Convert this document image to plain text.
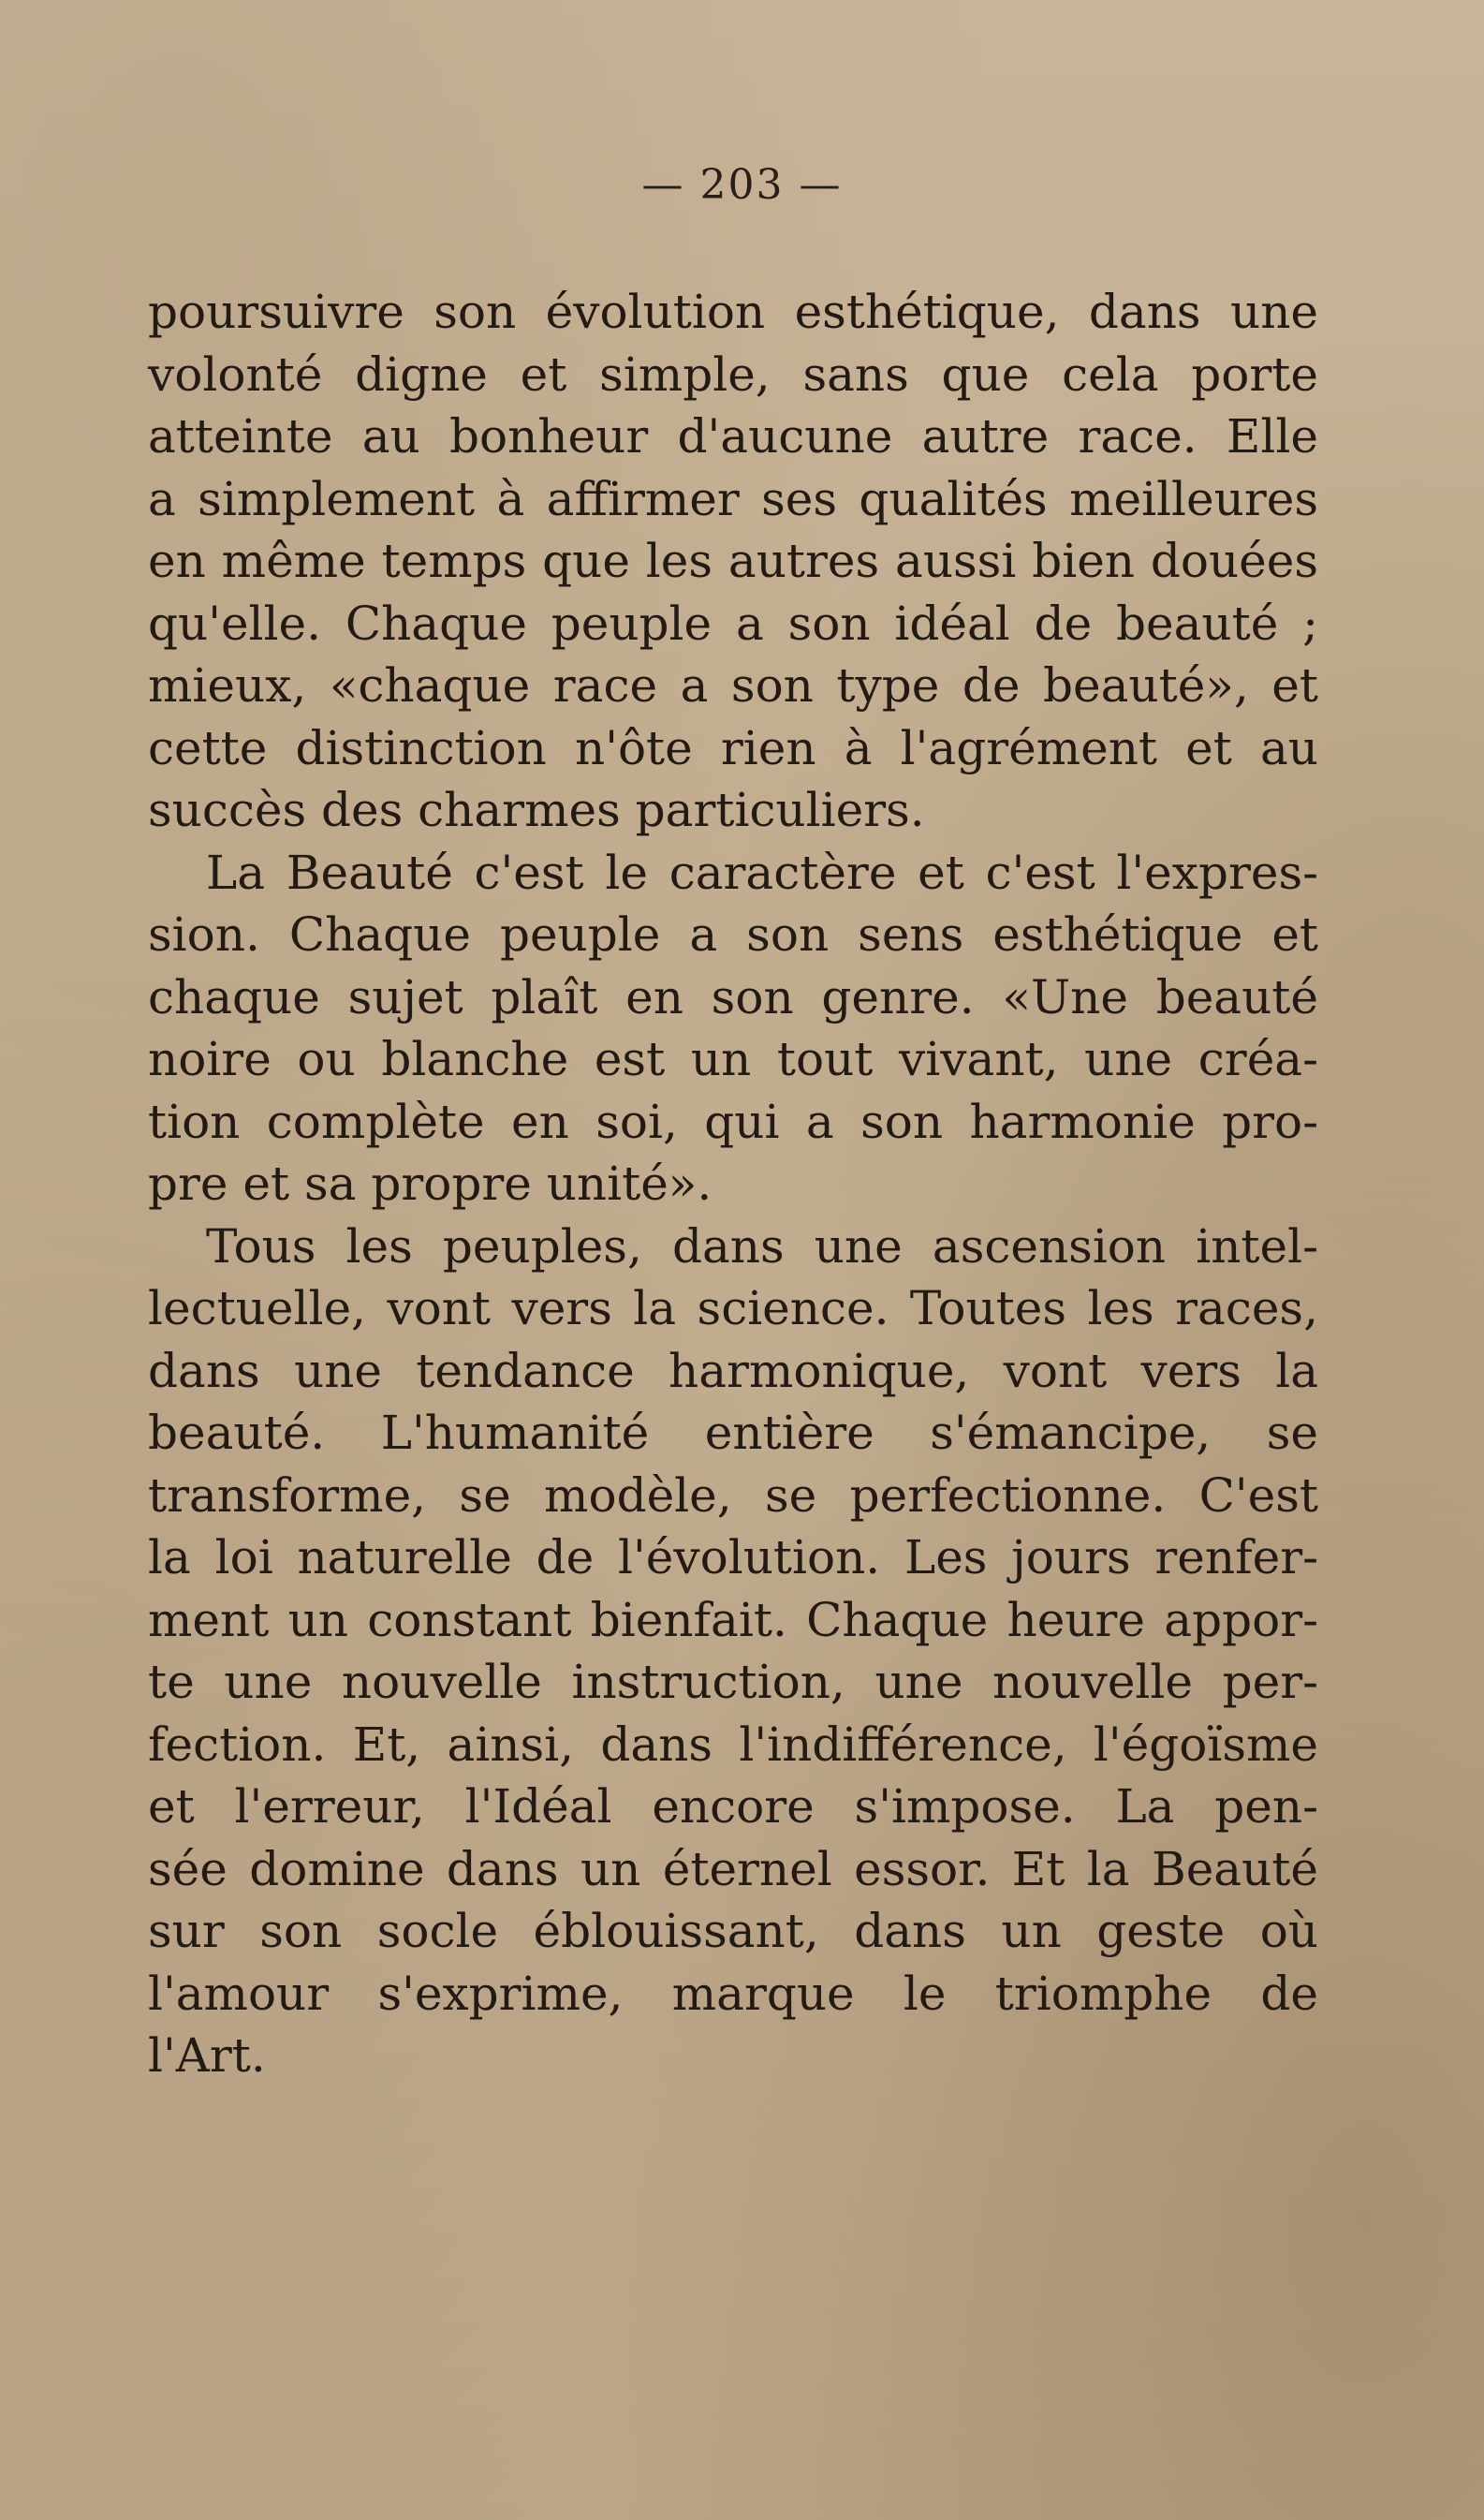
— 203 —
poursuivre son évolution esthétique, dans une
volonté digne et simple, sans que cela porte
atteinte au bonheur d'aucune autre race. Elle
a simplement à affirmer ses qualités meilleures
en même temps que les autres aussi bien douées
qu'elle. Chaque peuple a son idéal de beauté ;
mieux, «chaque race a son type de beauté», et
cette distinction n'ôte rien à l'agrément et au
succès des charmes particuliers.
La Beauté c'est le caractère et c'est l'expres-
sion. Chaque peuple a son sens esthétique et
chaque sujet plaît en son genre. «Une beauté
noire ou blanche est un tout vivant, une créa-
tion complète en soi, qui a son harmonie pro-
pre et sa propre unité».
Tous les peuples, dans une ascension intel-
lectuelle, vont vers la science. Toutes les races,
dans une tendance harmonique, vont vers la
beauté. L'humanité entière s'émancipe, se
transforme, se modèle, se perfectionne. C'est
la loi naturelle de l'évolution. Les jours renfer-
ment un constant bienfait. Chaque heure appor-
te une nouvelle instruction, une nouvelle per-
fection. Et, ainsi, dans l'indifférence, l'égoïsme
et l'erreur, l'Idéal encore s'impose. La pen-
sée domine dans un éternel essor. Et la Beauté
sur son socle éblouissant, dans un geste où
l'amour s'exprime, marque le triomphe de
l'Art.
